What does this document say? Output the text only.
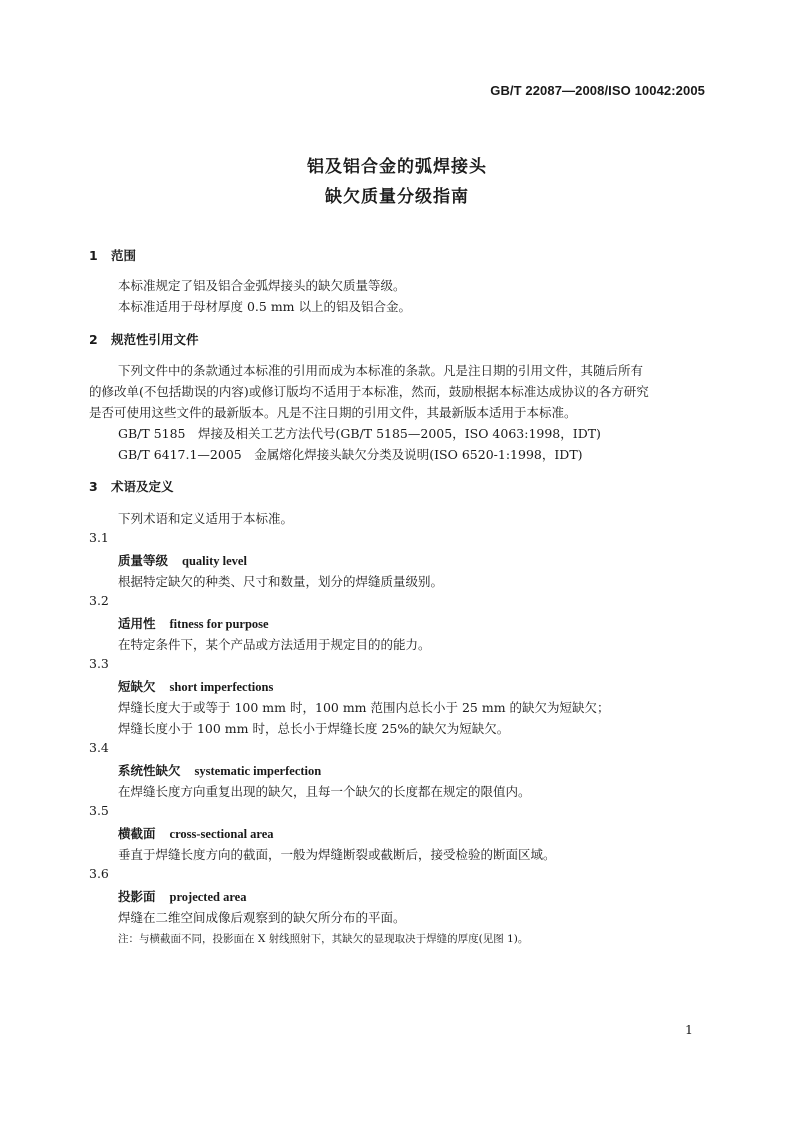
GB/T 22087—2008/ISO 10042:2005
铝及铝合金的弧焊接头
缺欠质量分级指南
1 范围
本标准规定了铝及铝合金弧焊接头的缺欠质量等级。
本标准适用于母材厚度 0.5 mm 以上的铝及铝合金。
2 规范性引用文件
下列文件中的条款通过本标准的引用而成为本标准的条款。凡是注日期的引用文件，其随后所有
的修改单(不包括勘误的内容)或修订版均不适用于本标准，然而，鼓励根据本标准达成协议的各方研究
是否可使用这些文件的最新版本。凡是不注日期的引用文件，其最新版本适用于本标准。
GB/T 5185　焊接及相关工艺方法代号(GB/T 5185—2005，ISO 4063:1998，IDT)
GB/T 6417.1—2005　金属熔化焊接头缺欠分类及说明(ISO 6520-1:1998，IDT)
3 术语及定义
下列术语和定义适用于本标准。
3.1
质量等级 quality level
根据特定缺欠的种类、尺寸和数量，划分的焊缝质量级别。
3.2
适用性 fitness for purpose
在特定条件下，某个产品或方法适用于规定目的的能力。
3.3
短缺欠 short imperfections
焊缝长度大于或等于 100 mm 时，100 mm 范围内总长小于 25 mm 的缺欠为短缺欠；
焊缝长度小于 100 mm 时，总长小于焊缝长度 25%的缺欠为短缺欠。
3.4
系统性缺欠 systematic imperfection
在焊缝长度方向重复出现的缺欠，且每一个缺欠的长度都在规定的限值内。
3.5
横截面 cross-sectional area
垂直于焊缝长度方向的截面，一般为焊缝断裂或截断后，接受检验的断面区域。
3.6
投影面 projected area
焊缝在二维空间成像后观察到的缺欠所分布的平面。
注：与横截面不同，投影面在 X 射线照射下，其缺欠的显现取决于焊缝的厚度(见图 1)。
1
